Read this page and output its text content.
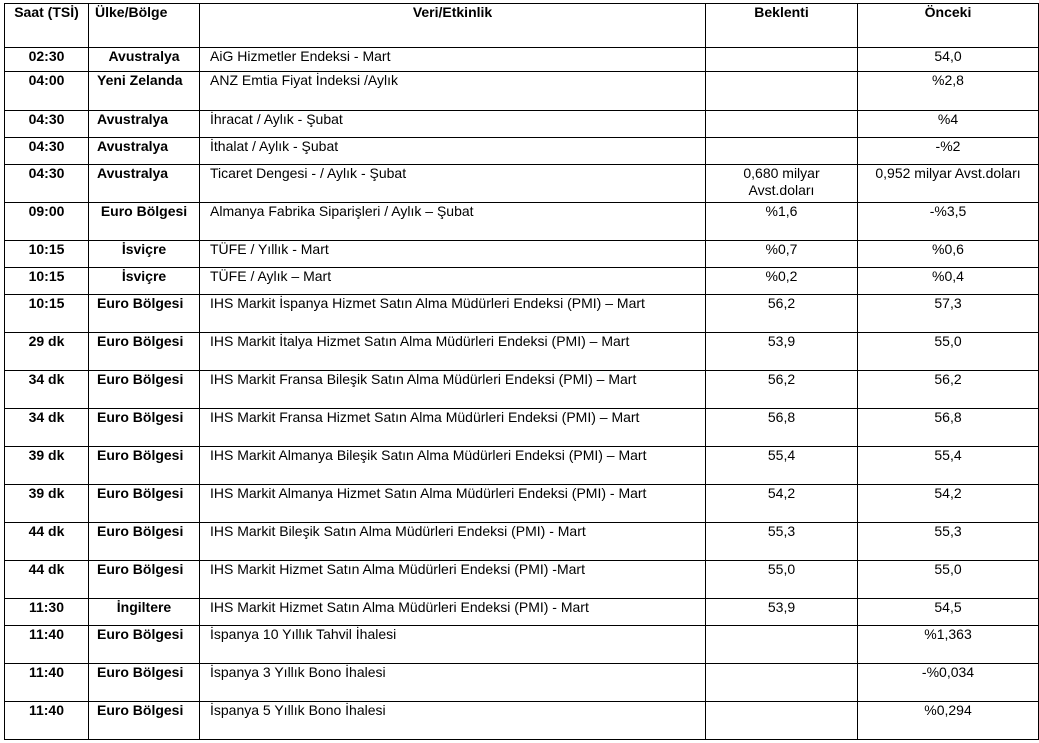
Saat (TSİ)	Ülke/Bölge	Veri/Etkinlik	Beklenti	Önceki
02:30	Avustralya	AiG Hizmetler Endeksi - Mart		54,0
04:00	Yeni Zelanda	ANZ Emtia Fiyat İndeksi /Aylık		%2,8
04:30	Avustralya	İhracat / Aylık - Şubat		%4
04:30	Avustralya	İthalat / Aylık - Şubat		-%2
04:30	Avustralya	Ticaret Dengesi - / Aylık - Şubat	0,680 milyar Avst.doları	0,952 milyar Avst.doları
09:00	Euro Bölgesi	Almanya Fabrika Siparişleri / Aylık – Şubat	%1,6	-%3,5
10:15	İsviçre	TÜFE / Yıllık - Mart	%0,7	%0,6
10:15	İsviçre	TÜFE / Aylık – Mart	%0,2	%0,4
10:15	Euro Bölgesi	IHS Markit İspanya Hizmet Satın Alma Müdürleri Endeksi (PMI) – Mart	56,2	57,3
29 dk	Euro Bölgesi	IHS Markit İtalya Hizmet Satın Alma Müdürleri Endeksi (PMI) – Mart	53,9	55,0
34 dk	Euro Bölgesi	IHS Markit Fransa Bileşik Satın Alma Müdürleri Endeksi (PMI) – Mart	56,2	56,2
34 dk	Euro Bölgesi	IHS Markit Fransa Hizmet Satın Alma Müdürleri Endeksi (PMI) – Mart	56,8	56,8
39 dk	Euro Bölgesi	IHS Markit Almanya Bileşik Satın Alma Müdürleri Endeksi (PMI) – Mart	55,4	55,4
39 dk	Euro Bölgesi	IHS Markit Almanya Hizmet Satın Alma Müdürleri Endeksi (PMI) - Mart	54,2	54,2
44 dk	Euro Bölgesi	IHS Markit Bileşik Satın Alma Müdürleri Endeksi (PMI) - Mart	55,3	55,3
44 dk	Euro Bölgesi	IHS Markit Hizmet Satın Alma Müdürleri Endeksi (PMI) -Mart	55,0	55,0
11:30	İngiltere	IHS Markit Hizmet Satın Alma Müdürleri Endeksi (PMI) - Mart	53,9	54,5
11:40	Euro Bölgesi	İspanya 10 Yıllık Tahvil İhalesi		%1,363
11:40	Euro Bölgesi	İspanya 3 Yıllık Bono İhalesi		-%0,034
11:40	Euro Bölgesi	İspanya 5 Yıllık Bono İhalesi		%0,294
